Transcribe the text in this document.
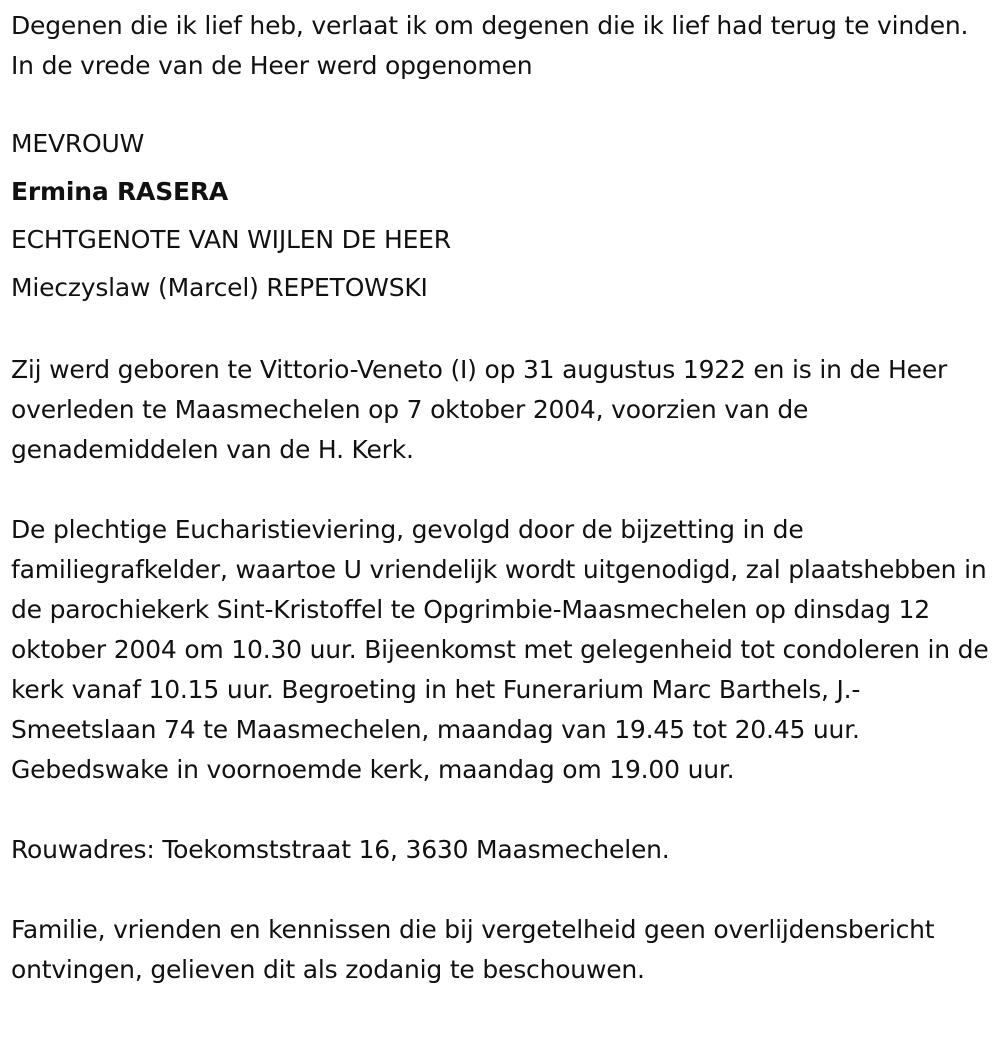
Degenen die ik lief heb, verlaat ik om degenen die ik lief had terug te vinden. In de vrede van de Heer werd opgenomen

MEVROUW

Ermina RASERA

ECHTGENOTE VAN WIJLEN DE HEER

Mieczyslaw (Marcel) REPETOWSKI

Zij werd geboren te Vittorio-Veneto (I) op 31 augustus 1922 en is in de Heer overleden te Maasmechelen op 7 oktober 2004, voorzien van de genademiddelen van de H. Kerk.

De plechtige Eucharistieviering, gevolgd door de bijzetting in de familiegrafkelder, waartoe U vriendelijk wordt uitgenodigd, zal plaatshebben in de parochiekerk Sint-Kristoffel te Opgrimbie-Maasmechelen op dinsdag 12 oktober 2004 om 10.30 uur. Bijeenkomst met gelegenheid tot condoleren in de kerk vanaf 10.15 uur. Begroeting in het Funerarium Marc Barthels, J.-Smeetslaan 74 te Maasmechelen, maandag van 19.45 tot 20.45 uur. Gebedswake in voornoemde kerk, maandag om 19.00 uur.

Rouwadres: Toekomststraat 16, 3630 Maasmechelen.

Familie, vrienden en kennissen die bij vergetelheid geen overlijdensbericht ontvingen, gelieven dit als zodanig te beschouwen.
